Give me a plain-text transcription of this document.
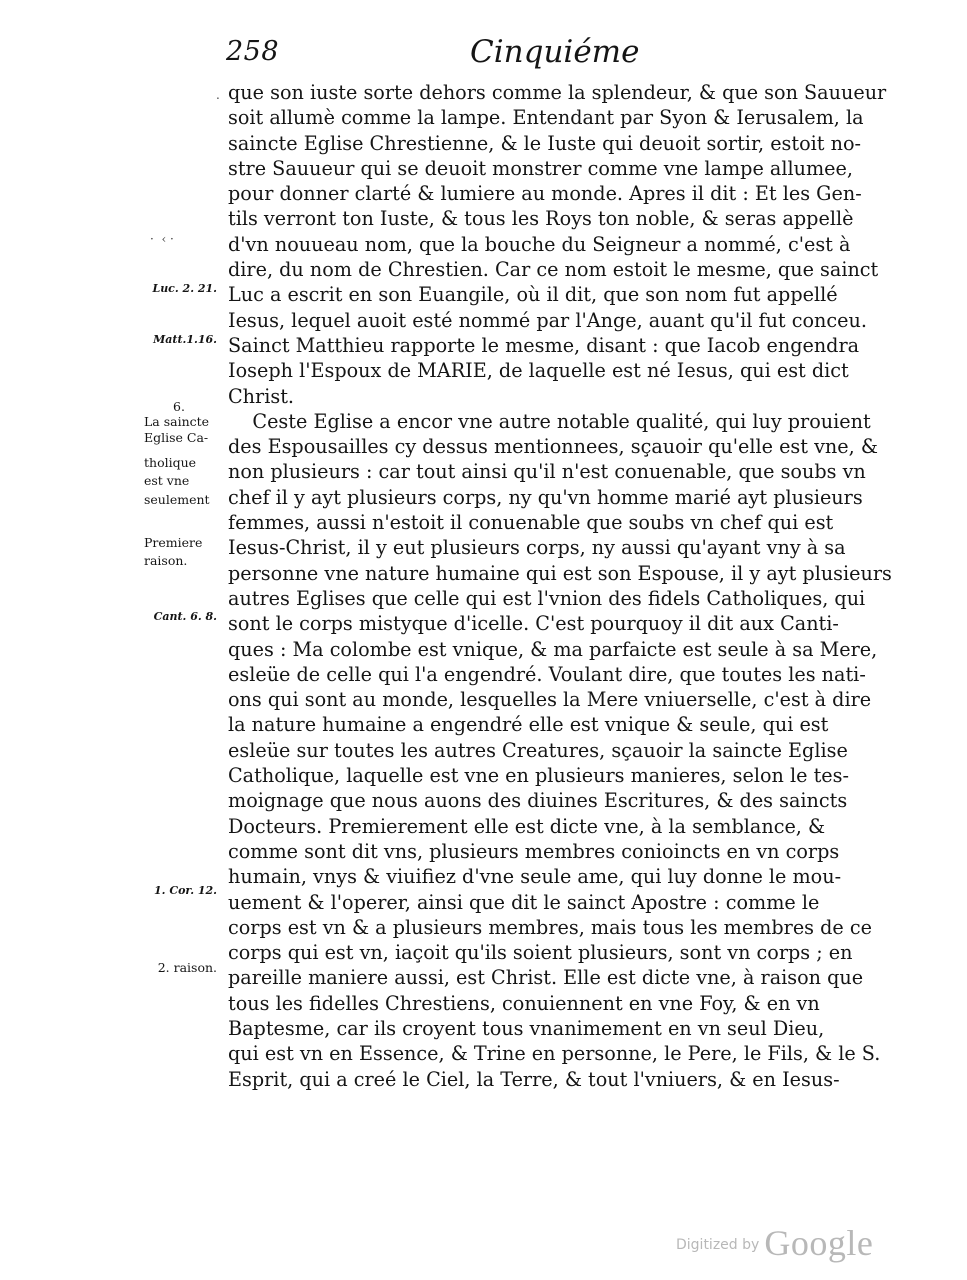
258	Cinquiéme
que son iuste sorte dehors comme la splendeur, & que son Sauueur
soit allumè comme la lampe. Entendant par Syon & Ierusalem, la
saincte Eglise Chrestienne, & le Iuste qui deuoit sortir, estoit no-
stre Sauueur qui se deuoit monstrer comme vne lampe allumee,
pour donner clarté & lumiere au monde. Apres il dit : Et les Gen-
tils verront ton Iuste, & tous les Roys ton noble, & seras appellè
d'vn nouueau nom, que la bouche du Seigneur a nommé, c'est à
dire, du nom de Chrestien. Car ce nom estoit le mesme, que sainct
Luc a escrit en son Euangile, où il dit, que son nom fut appellé
Iesus, lequel auoit esté nommé par l'Ange, auant qu'il fut conceu.
Sainct Matthieu rapporte le mesme, disant : que Iacob engendra
Ioseph l'Espoux de MARIE, de laquelle est né Iesus, qui est dict
Christ.
Ceste Eglise a encor vne autre notable qualité, qui luy prouient
des Espousailles cy dessus mentionnees, sçauoir qu'elle est vne, &
non plusieurs : car tout ainsi qu'il n'est conuenable, que soubs vn
chef il y ayt plusieurs corps, ny qu'vn homme marié ayt plusieurs
femmes, aussi n'estoit il conuenable que soubs vn chef qui est
Iesus-Christ, il y eut plusieurs corps, ny aussi qu'ayant vny à sa
personne vne nature humaine qui est son Espouse, il y ayt plusieurs
autres Eglises que celle qui est l'vnion des fidels Catholiques, qui
sont le corps mistyque d'icelle. C'est pourquoy il dit aux Canti-
ques : Ma colombe est vnique, & ma parfaicte est seule à sa Mere,
esleüe de celle qui l'a engendré. Voulant dire, que toutes les nati-
ons qui sont au monde, lesquelles la Mere vniuerselle, c'est à dire
la nature humaine a engendré elle est vnique & seule, qui est
esleüe sur toutes les autres Creatures, sçauoir la saincte Eglise
Catholique, laquelle est vne en plusieurs manieres, selon le tes-
moignage que nous auons des diuines Escritures, & des saincts
Docteurs. Premierement elle est dicte vne, à la semblance, &
comme sont dit vns, plusieurs membres conioincts en vn corps
humain, vnys & viuifiez d'vne seule ame, qui luy donne le mou-
uement & l'operer, ainsi que dit le sainct Apostre : comme le
corps est vn & a plusieurs membres, mais tous les membres de ce
corps qui est vn, iaçoit qu'ils soient plusieurs, sont vn corps ; en
pareille maniere aussi, est Christ. Elle est dicte vne, à raison que
tous les fidelles Chrestiens, conuiennent en vne Foy, & en vn
Baptesme, car ils croyent tous vnanimement en vn seul Dieu,
qui est vn en Essence, & Trine en personne, le Pere, le Fils, & le S.
Esprit, qui a creé le Ciel, la Terre, & tout l'vniuers, & en Iesus-
.
·  ‹ ·
Luc. 2. 21.
Matt.1.16.
6.
La saincte
Eglise Ca-
tholique
est vne
seulement
Premiere
raison.
Cant. 6. 8.
1. Cor. 12.
2. raison.
Digitized by Google
